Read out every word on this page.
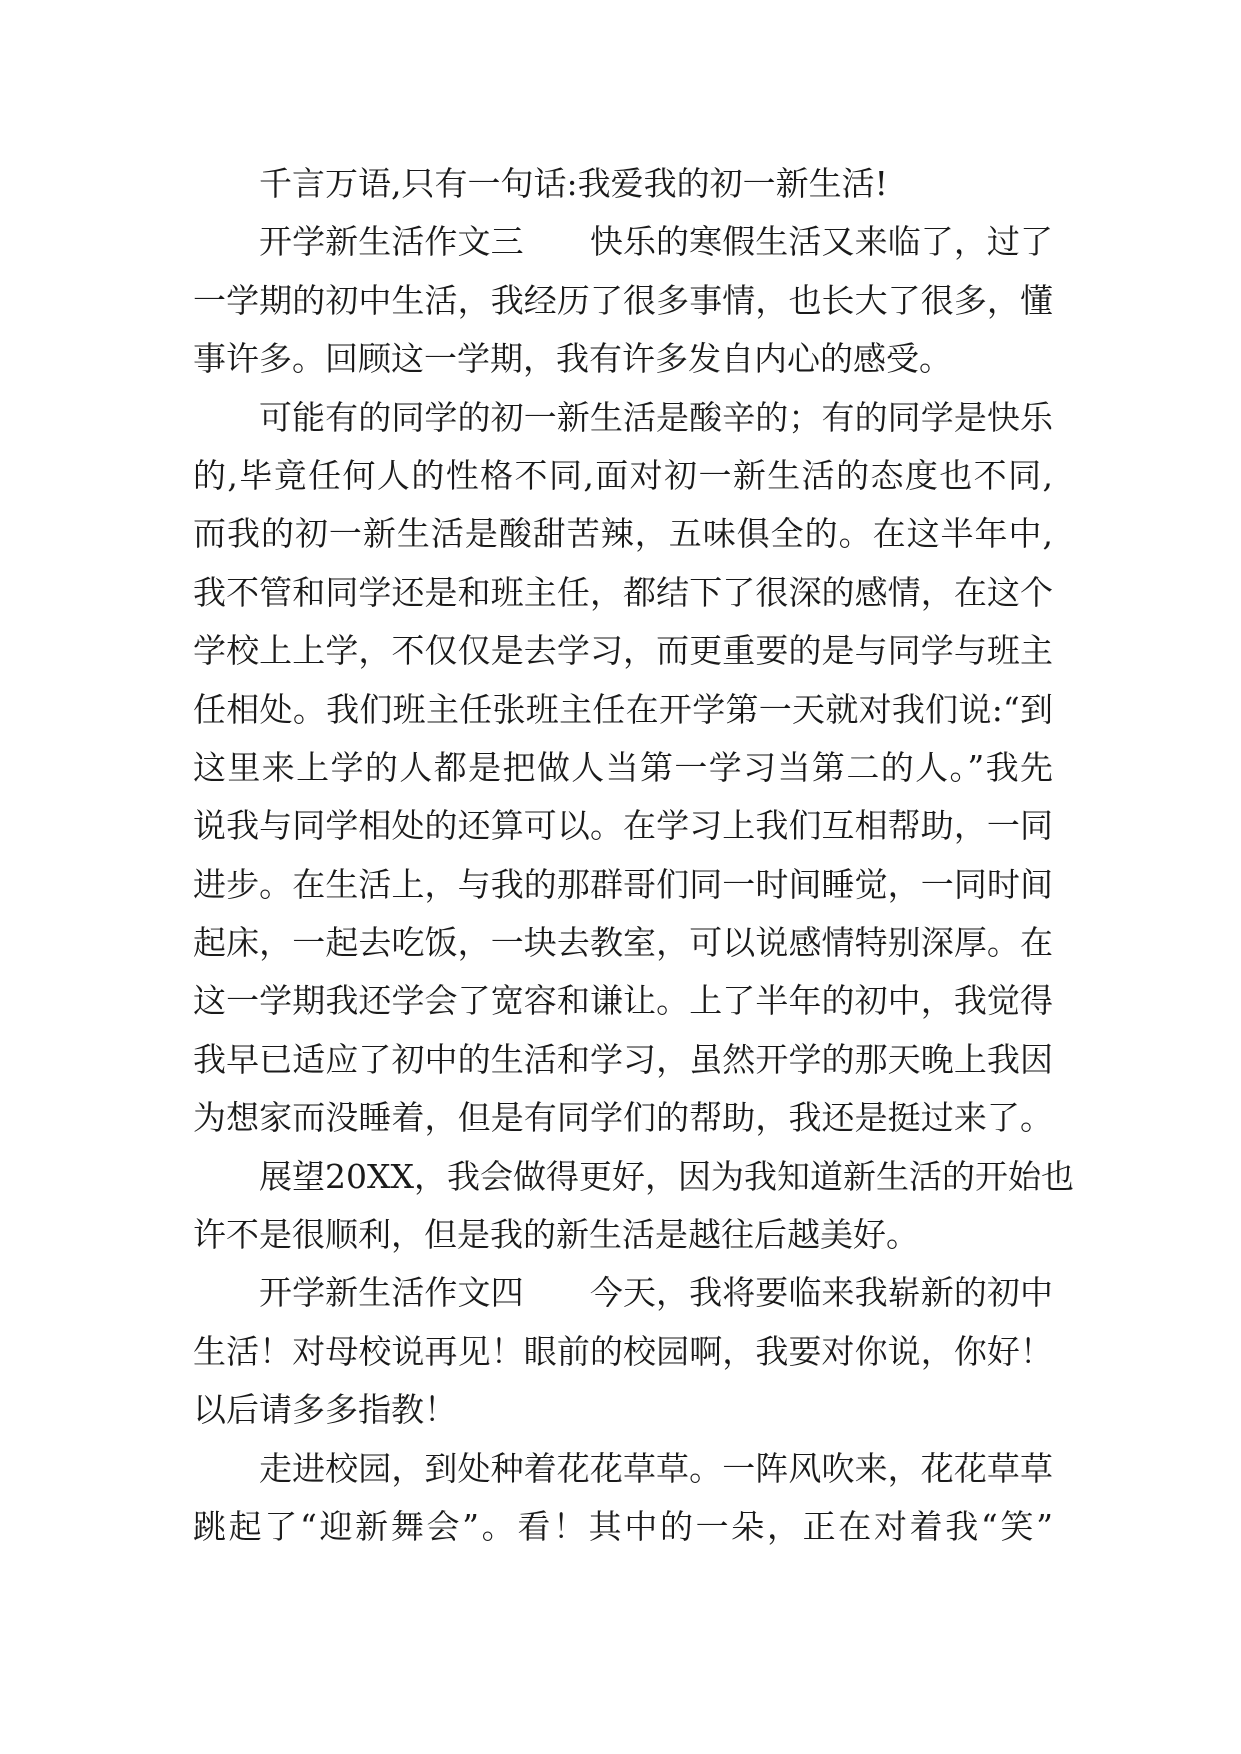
千言万语,只有一句话:我爱我的初一新生活!
开学新生活作文三　　快乐的寒假生活又来临了，过了
一学期的初中生活，我经历了很多事情，也长大了很多，懂
事许多。回顾这一学期，我有许多发自内心的感受。
可能有的同学的初一新生活是酸辛的；有的同学是快乐
的,毕竟任何人的性格不同,面对初一新生活的态度也不同,
而我的初一新生活是酸甜苦辣，五味俱全的。在这半年中,
我不管和同学还是和班主任，都结下了很深的感情，在这个
学校上上学，不仅仅是去学习，而更重要的是与同学与班主
任相处。我们班主任张班主任在开学第一天就对我们说:“到
这里来上学的人都是把做人当第一学习当第二的人。”我先
说我与同学相处的还算可以。在学习上我们互相帮助，一同
进步。在生活上，与我的那群哥们同一时间睡觉，一同时间
起床，一起去吃饭，一块去教室，可以说感情特别深厚。在
这一学期我还学会了宽容和谦让。上了半年的初中，我觉得
我早已适应了初中的生活和学习，虽然开学的那天晚上我因
为想家而没睡着，但是有同学们的帮助，我还是挺过来了。
展望20XX，我会做得更好，因为我知道新生活的开始也
许不是很顺利，但是我的新生活是越往后越美好。
开学新生活作文四　　今天，我将要临来我崭新的初中
生活！对母校说再见！眼前的校园啊，我要对你说，你好！
以后请多多指教！
走进校园，到处种着花花草草。一阵风吹来，花花草草
跳起了“迎新舞会”。看！其中的一朵，正在对着我“笑”
